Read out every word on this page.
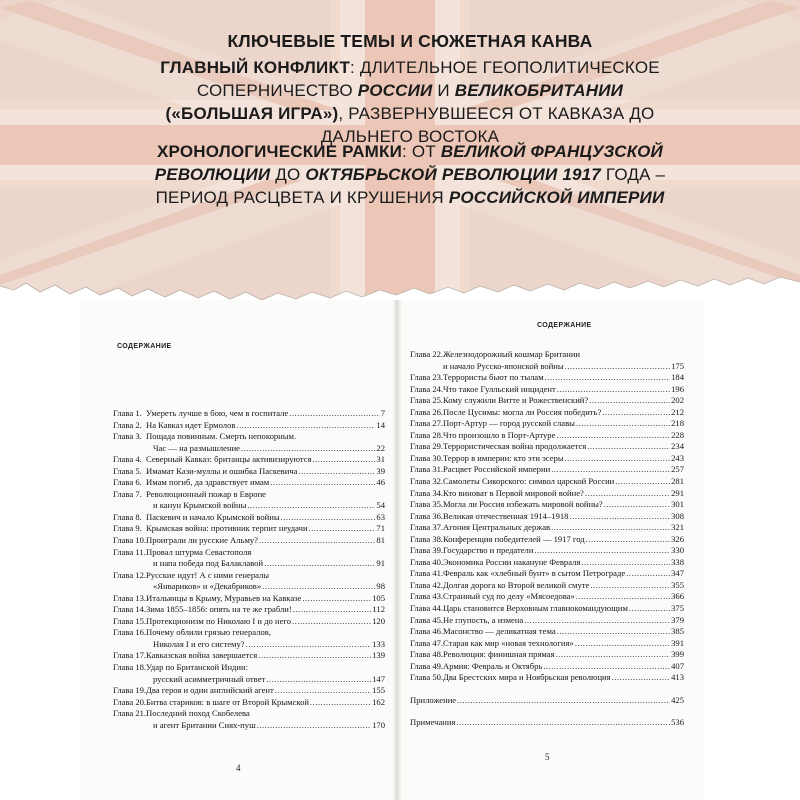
КЛЮЧЕВЫЕ ТЕМЫ И СЮЖЕТНАЯ КАНВА
ГЛАВНЫЙ КОНФЛИКТ: ДЛИТЕЛЬНОЕ ГЕОПОЛИТИЧЕСКОЕ СОПЕРНИЧЕСТВО РОССИИ И ВЕЛИКОБРИТАНИИ («БОЛЬШАЯ ИГРА»), РАЗВЕРНУВШЕЕСЯ ОТ КАВКАЗА ДО ДАЛЬНЕГО ВОСТОКА
ХРОНОЛОГИЧЕСКИЕ РАМКИ: ОТ ВЕЛИКОЙ ФРАНЦУЗСКОЙ РЕВОЛЮЦИИ ДО ОКТЯБРЬСКОЙ РЕВОЛЮЦИИ 1917 ГОДА – ПЕРИОД РАСЦВЕТА И КРУШЕНИЯ РОССИЙСКОЙ ИМПЕРИИ
СОДЕРЖАНИЕ
СОДЕРЖАНИЕ
Глава 1. Умереть лучше в бою, чем в госпитале .....	7
Глава 2. На Кавказ идет Ермолов .....	14
Глава 3. Пощада повинным. Смерть непокорным.
Час — на размышление .....	22
Глава 4. Северный Кавказ: британцы активизируются .....	31
Глава 5. Имамат Кази-муллы и ошибка Паскевича .....	39
Глава 6. Имам погиб, да здравствует имам .....	46
Глава 7. Революционный пожар в Европе
и канун Крымской войны .....	54
Глава 8. Паскевич и начало Крымской войны .....	63
Глава 9. Крымская война: противник терпит неудачи .....	71
Глава 10. Проиграли ли русские Альму? .....	81
Глава 11. Провал штурма Севастополя
и напа победа под Балаклавой .....	91
Глава 12. Русские идут! А с ними генералы
«Январиков» и «Декабриков» .....	98
Глава 13. Итальянцы в Крыму, Муравьев на Кавказе .....	105
Глава 14. Зима 1855–1856: опять на те же грабли! .....	112
Глава 15. Протекционизм по Николаю I и до него .....	120
Глава 16. Почему облили грязью генералов,
Николая I и его систему? .....	133
Глава 17. Кавказская война завершается .....	139
Глава 18. Удар по Британской Индии:
русский асимметричный ответ .....	147
Глава 19. Два героя и один английский агент .....	155
Глава 20. Битва стариков: в шаге от Второй Крымской .....	162
Глава 21. Последний поход Скобелева
и агент Британии Сиях-пуш .....	170
Глава 22. Железнодорожный кошмар Британии
и начало Русско-японской войны .....	175
Глава 23. Террористы бьют по тылам .....	184
Глава 24. Что такое Гулльский инцидент .....	196
Глава 25. Кому служили Витте и Рожественский? .....	202
Глава 26. После Цусимы: могла ли Россия победить? .....	212
Глава 27. Порт-Артур — город русской славы .....	218
Глава 28. Что произошло в Порт-Артуре .....	228
Глава 29. Террористическая война продолжается .....	234
Глава 30. Террор в империи: кто эти эсеры .....	243
Глава 31. Расцвет Российской империи .....	257
Глава 32. Самолеты Сикорского: символ царской России .....	281
Глава 34. Кто виноват в Первой мировой войне? .....	291
Глава 35. Могла ли Россия избежать мировой войны? .....	301
Глава 36. Великая отечественная 1914–1918 .....	308
Глава 37. Агония Центральных держав .....	321
Глава 38. Конференция победителей — 1917 год .....	326
Глава 39. Государство и предатели .....	330
Глава 40. Экономика России накануне Февраля .....	338
Глава 41. Февраль как «хлебный бунт» в сытом Петрограде .....	347
Глава 42. Долгая дорога ко Второй великой смуте .....	355
Глава 43. Странный суд по делу «Мясоедова» .....	366
Глава 44. Царь становится Верховным главнокомандующим .....	375
Глава 45. Не глупость, а измена .....	379
Глава 46. Масонство — деликатная тема .....	385
Глава 47. Старая как мир «новая технология» .....	391
Глава 48. Революция: финишная прямая .....	399
Глава 49. Армия: Февраль и Октябрь .....	407
Глава 50. Два Брестских мира и Ноябрьская революция .....	413
Приложение .....	425
Примечания .....	536
4
5
